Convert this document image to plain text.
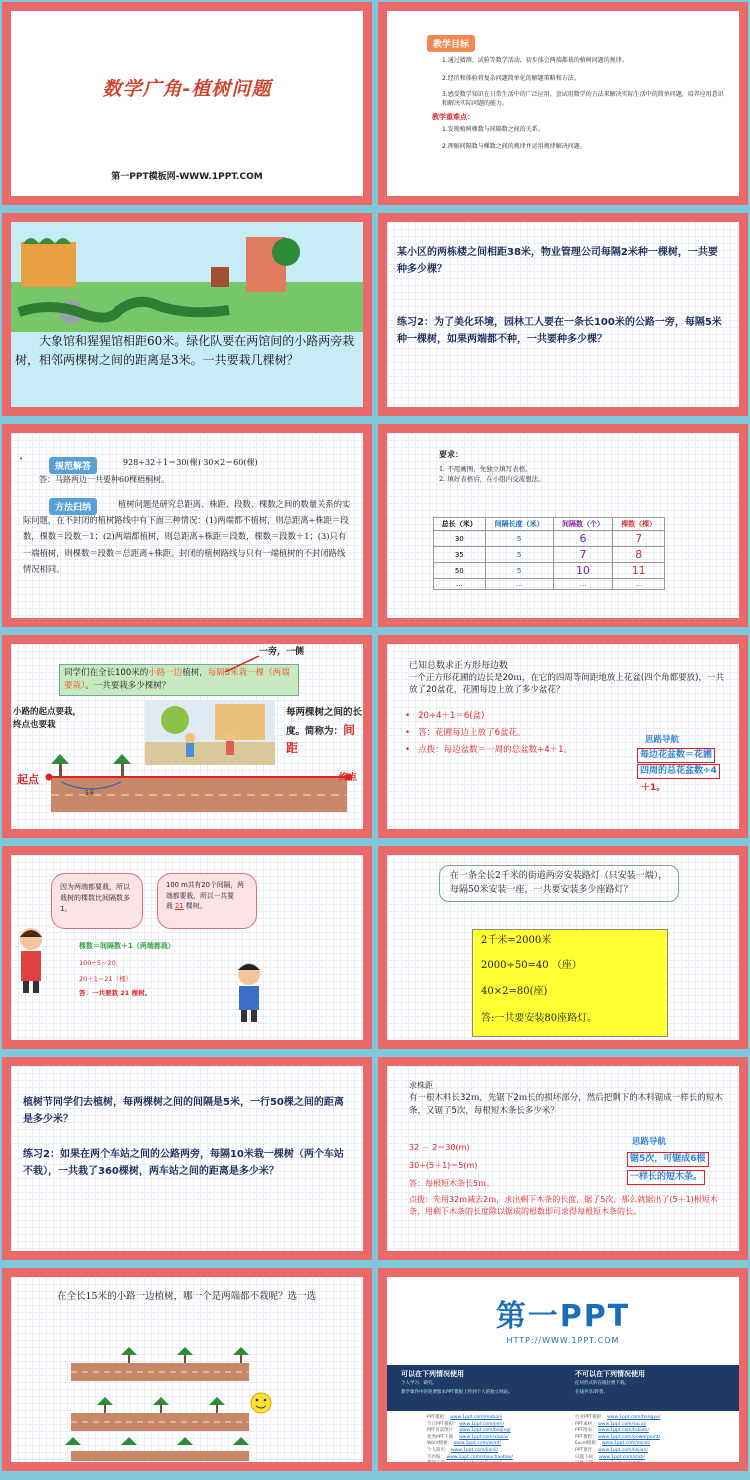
数学广角-植树问题
第一PPT模板网-WWW.1PPT.COM
教学目标
1.通过猜测、试验等数学活动，初步体会两端都栽的植树问题的规律。
2.经历和体验将复杂问题简单化的解题策略和方法。
3.感受数学知识在日常生活中的广泛应用，尝试用数学的方法来解决实际生活中的简单问题，培养应用意识和解决实际问题的能力。
教学重难点：
1.发现植树棵数与间隔数之间的关系。
2.理解间隔数与棵数之间的规律并运用规律解决问题。
大象馆和猩猩馆相距60米。绿化队要在两馆间的小路两旁栽树，相邻两棵树之间的距离是3米。一共要栽几棵树？
某小区的两栋楼之间相距38米，物业管理公司每隔2米种一棵树，一共要种多少棵？
练习2：为了美化环境，园林工人要在一条长100米的公路一旁，每隔5米种一棵树，如果两端都不种，一共要种多少棵？
•
规范解答	928÷32＋1＝30(棵) 30×2＝60(棵)
答：马路两边一共要种60棵梧桐树。
方法归纳	植树问题是研究总距离、株距、段数、棵数之间的数量关系的实际问题，在不封闭的植树路线中有下面三种情况：(1)两端都不植树，则总距离÷株距＝段数，棵数＝段数－1；(2)两端都植树，则总距离÷株距＝段数，棵数＝段数＋1；(3)只有一端植树，则棵数＝段数＝总距离÷株距。封闭的植树路线与只有一端植树的不封闭路线情况相同。
要求：
1. 不用画图，先独立填写表格。
2. 填好表格后，在小组内交流想法。
总长（米）	间隔长度（米）	间隔数（个）	棵数（棵）
30	5	6	7
35	5	7	8
50	5	10	11
…	…	…	…
同学们在全长100米的小路一边植树，每隔5米栽一棵（两端要栽）。一共要栽多少棵树？
一旁，一侧
小路的起点要栽，终点也要栽
每两棵树之间的长度。简称为：间距
起点	终点
5米
已知总数求正方形每边数
一个正方形花圃的边长是20ｍ，在它的四周等间距地放上花盆(四个角都要放)，一共放了20盆花，花圃每边上放了多少盆花？
•   20÷4＋1＝6(盆)
•   答：花圃每边上放了6盆花。
•   点拨：每边盆数＝一周的总盆数÷4＋1。
思路导航
每边花盆数＝花圃
四周的总花盆数÷4
＋1。
因为两端都要栽，所以栽树的棵数比间隔数多1。
100 m共有20个间隔，两端都要栽，所以一共要栽 21 棵树。
棵数＝间隔数＋1（两端都栽）
100÷5＝20
20＋1＝21（棵）
答：一共要栽 21 棵树。
在一条全长2千米的街道两旁安装路灯（只安装一端），每隔50米安装一座，一共要安装多少座路灯？
2千米=2000米
2000÷50=40 （座）
40×2=80(座)
答:一共要安装80座路灯。
植树节同学们去植树，每两棵树之间的间隔是5米，一行50棵之间的距离是多少米？
练习2：如果在两个车站之间的公路两旁，每隔10米栽一棵树（两个车站不栽），一共栽了360棵树，两车站之间的距离是多少米？
求株距
有一根木料长32ｍ，先锯下2ｍ长的损坏部分，然后把剩下的木料锯成一样长的短木条，又锯了5次，每根短木条长多少米？
32 － 2＝30(m)
30÷(5＋1)＝5(m)
答：每根短木条长5ｍ。
思路导航
锯5次，可锯成6根
一样长的短木条。
点拨：先用32ｍ减去2ｍ，求出剩下木条的长度，锯了5次，那么就锯出了(5＋1)根短木条，用剩下木条的长度除以锯成的根数即可求得每根短木条的长。
在全长15米的小路一边植树，哪一个是两端都不栽呢？选一选
第一PPT
HTTP://WWW.1PPT.COM
可以在下列情况使用
个人学习、研究。
教学课件中的免费版本PPT模板上传到个人的独立网站。
不可以在下列情况使用
任何形式的在线付费下载。
在线共享/转售。
PPT模板： www.1ppt.com/moban/
节日PPT模板： www.1ppt.com/jieri/
PPT背景图片： www.1ppt.com/beijing/
优秀PPT下载： www.1ppt.com/xiazai/
Word模板： www.1ppt.com/word/
个人简历： www.1ppt.com/jianli/
手抄报： www.1ppt.com/shouchaobao/
教案下载： www.1ppt.com/jiaoan/
行业PPT模板： www.1ppt.com/hangye/
PPT素材： www.1ppt.com/sucai/
PPT图表： www.1ppt.com/tubiao/
PPT教程： www.1ppt.com/powerpoint/
Excel模板： www.1ppt.com/excel/
PPT课件： www.1ppt.com/kejian/
试题下载： www.1ppt.com/shiti/
字体下载： www.1ppt.com/ziti/
